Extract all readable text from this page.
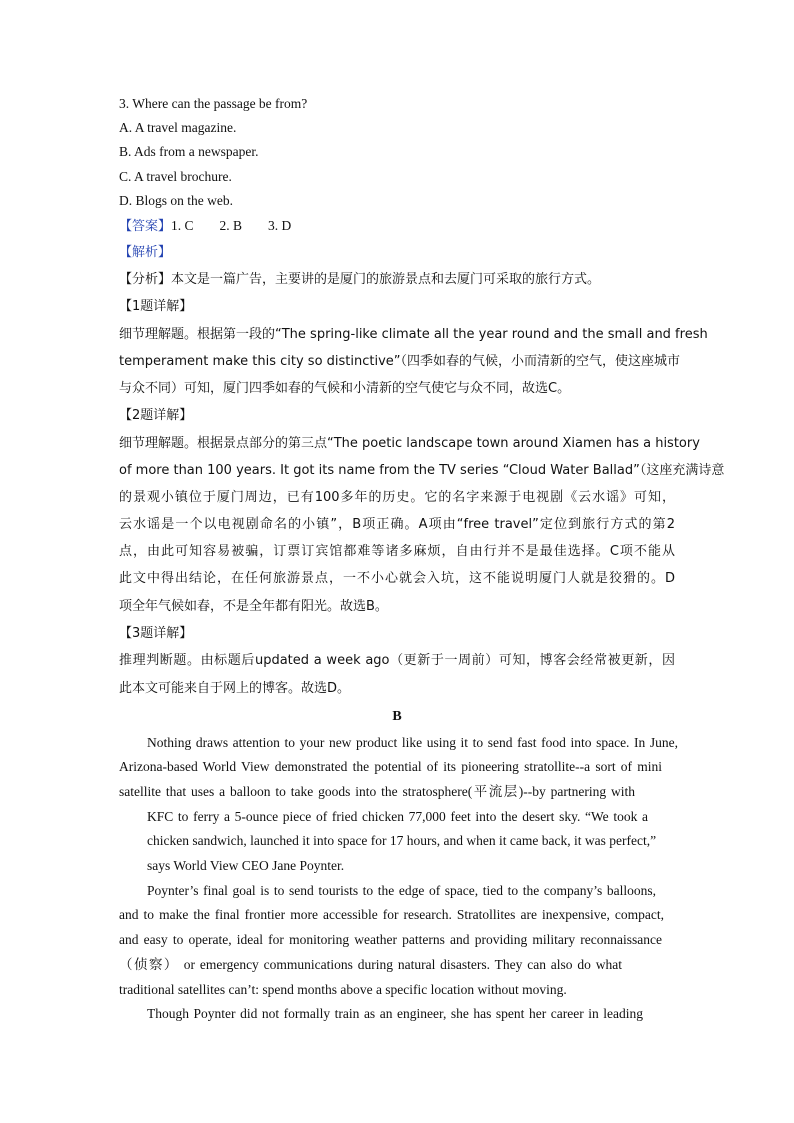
3. Where can the passage be from?
A. A travel magazine.
B. Ads from a newspaper.
C. A travel brochure.
D. Blogs on the web.
【答案】1. C 2. B 3. D
【解析】
【分析】本文是一篇广告，主要讲的是厦门的旅游景点和去厦门可采取的旅行方式。
【1题详解】
细节理解题。根据第一段的“The spring-like climate all the year round and the small and fresh
temperament make this city so distinctive”（四季如春的气候，小而清新的空气，使这座城市
与众不同）可知，厦门四季如春的气候和小清新的空气使它与众不同，故选C。
【2题详解】
细节理解题。根据景点部分的第三点“The poetic landscape town around Xiamen has a history
of more than 100 years. It got its name from the TV series “Cloud Water Ballad”（这座充满诗意
的景观小镇位于厦门周边，已有100多年的历史。它的名字来源于电视剧《云水谣》可知，
云水谣是一个以电视剧命名的小镇”，B项正确。A项由“free travel”定位到旅行方式的第2
点，由此可知容易被骗，订票订宾馆都难等诸多麻烦，自由行并不是最佳选择。C项不能从
此文中得出结论，在任何旅游景点，一不小心就会入坑，这不能说明厦门人就是狡猾的。D
项全年气候如春，不是全年都有阳光。故选B。
【3题详解】
推理判断题。由标题后updated a week ago（更新于一周前）可知，博客会经常被更新，因
此本文可能来自于网上的博客。故选D。
B
Nothing draws attention to your new product like using it to send fast food into space. In June,
Arizona-based World View demonstrated the potential of its pioneering stratollite--a sort of mini
satellite that uses a balloon to take goods into the stratosphere(平流层)--by partnering with
KFC to ferry a 5-ounce piece of fried chicken 77,000 feet into the desert sky. “We took a
chicken sandwich, launched it into space for 17 hours, and when it came back, it was perfect,”
says World View CEO Jane Poynter.
Poynter’s final goal is to send tourists to the edge of space, tied to the company’s balloons,
and to make the final frontier more accessible for research. Stratollites are inexpensive, compact,
and easy to operate, ideal for monitoring weather patterns and providing military reconnaissance
（侦察） or emergency communications during natural disasters. They can also do what
traditional satellites can’t: spend months above a specific location without moving.
Though Poynter did not formally train as an engineer, she has spent her career in leading
